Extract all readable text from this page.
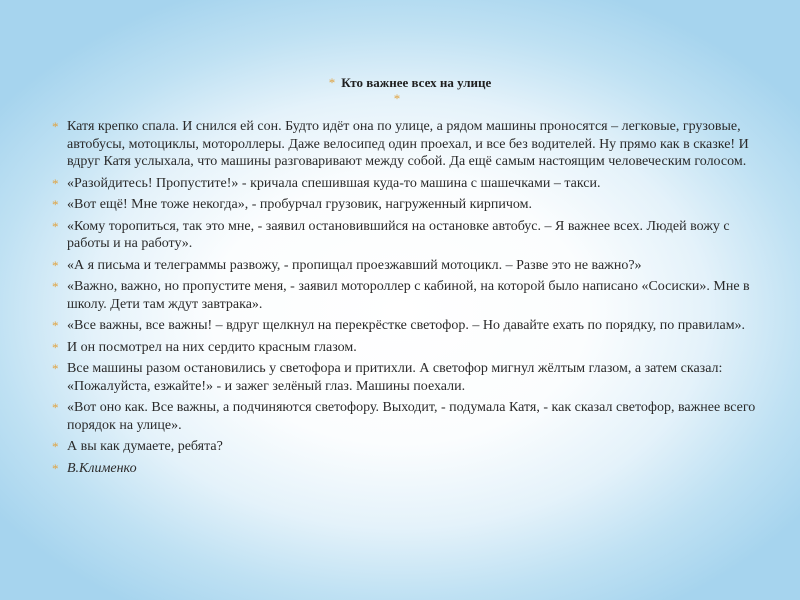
* Кто важнее всех на улице
*

* Катя крепко спала. И снился ей сон. Будто идёт она по улице, а рядом машины проносятся – легковые, грузовые, автобусы, мотоциклы, мотороллеры. Даже велосипед один проехал, и все без водителей. Ну прямо как в сказке! И вдруг Катя услыхала, что машины разговаривают между собой. Да ещё самым настоящим человеческим голосом.

* «Разойдитесь! Пропустите!» - кричала спешившая куда-то машина с шашечками – такси.

* «Вот ещё! Мне тоже некогда», - пробурчал грузовик, нагруженный кирпичом.

* «Кому торопиться, так это мне, - заявил остановившийся на остановке автобус. – Я важнее всех. Людей вожу с работы и на работу».

* «А я письма и телеграммы развожу, - пропищал проезжавший мотоцикл. – Разве это не важно?»

* «Важно, важно, но пропустите меня, - заявил мотороллер с кабиной, на которой было написано «Сосиски». Мне в школу. Дети там ждут завтрака».

* «Все важны, все важны! – вдруг щелкнул на перекрёстке светофор. – Но давайте ехать по порядку, по правилам».

* И он посмотрел на них сердито красным глазом.

* Все машины разом остановились у светофора и притихли. А светофор мигнул жёлтым глазом, а затем сказал: «Пожалуйста, езжайте!» - и зажег зелёный глаз. Машины поехали.

* «Вот оно как. Все важны, а подчиняются светофору. Выходит, - подумала Катя, - как сказал светофор, важнее всего порядок на улице».

* А вы как думаете, ребята?

* В.Клименко
